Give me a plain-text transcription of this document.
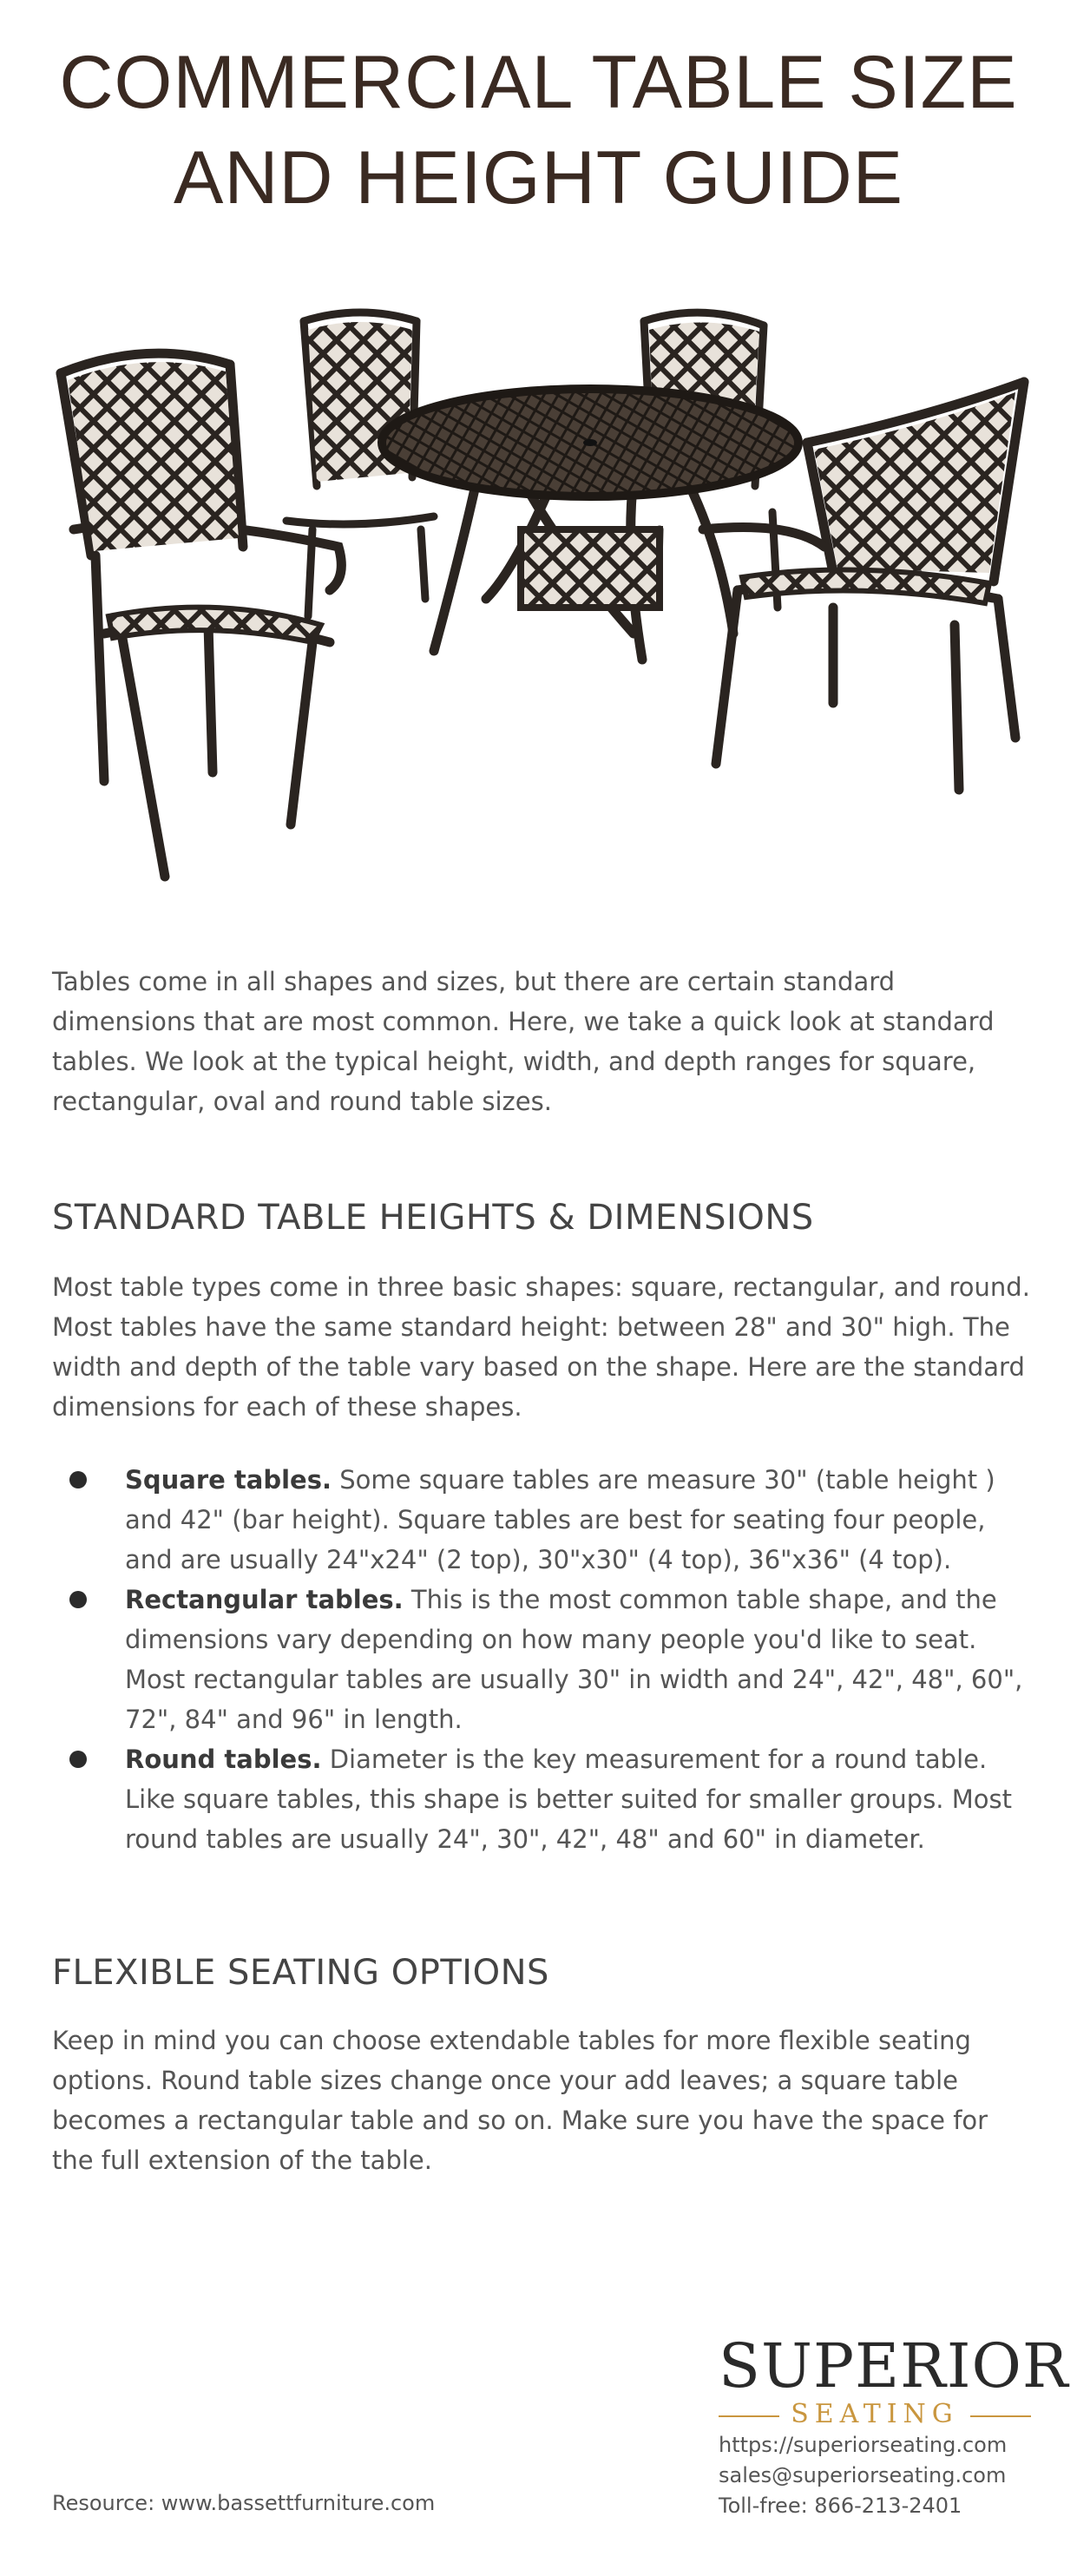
COMMERCIAL TABLE SIZE
AND HEIGHT GUIDE

Tables come in all shapes and sizes, but there are certain standard dimensions that are most common. Here, we take a quick look at standard tables. We look at the typical height, width, and depth ranges for square, rectangular, oval and round table sizes.

STANDARD TABLE HEIGHTS & DIMENSIONS

Most table types come in three basic shapes: square, rectangular, and round. Most tables have the same standard height: between 28" and 30" high. The width and depth of the table vary based on the shape. Here are the standard dimensions for each of these shapes.

Square tables. Some square tables are measure 30" (table height ) and 42" (bar height). Square tables are best for seating four people, and are usually 24"x24" (2 top), 30"x30" (4 top), 36"x36" (4 top).
Rectangular tables. This is the most common table shape, and the dimensions vary depending on how many people you'd like to seat. Most rectangular tables are usually 30" in width and 24", 42", 48", 60", 72", 84" and 96" in length.
Round tables. Diameter is the key measurement for a round table. Like square tables, this shape is better suited for smaller groups. Most round tables are usually 24", 30", 42", 48" and 60" in diameter.
FLEXIBLE SEATING OPTIONS

Keep in mind you can choose extendable tables for more flexible seating options. Round table sizes change once your add leaves; a square table becomes a rectangular table and so on. Make sure you have the space for the full extension of the table.

Resource: www.bassettfurniture.com
SUPERIOR
SEATING
https://superiorseating.com
sales@superiorseating.com
Toll-free: 866-213-2401
